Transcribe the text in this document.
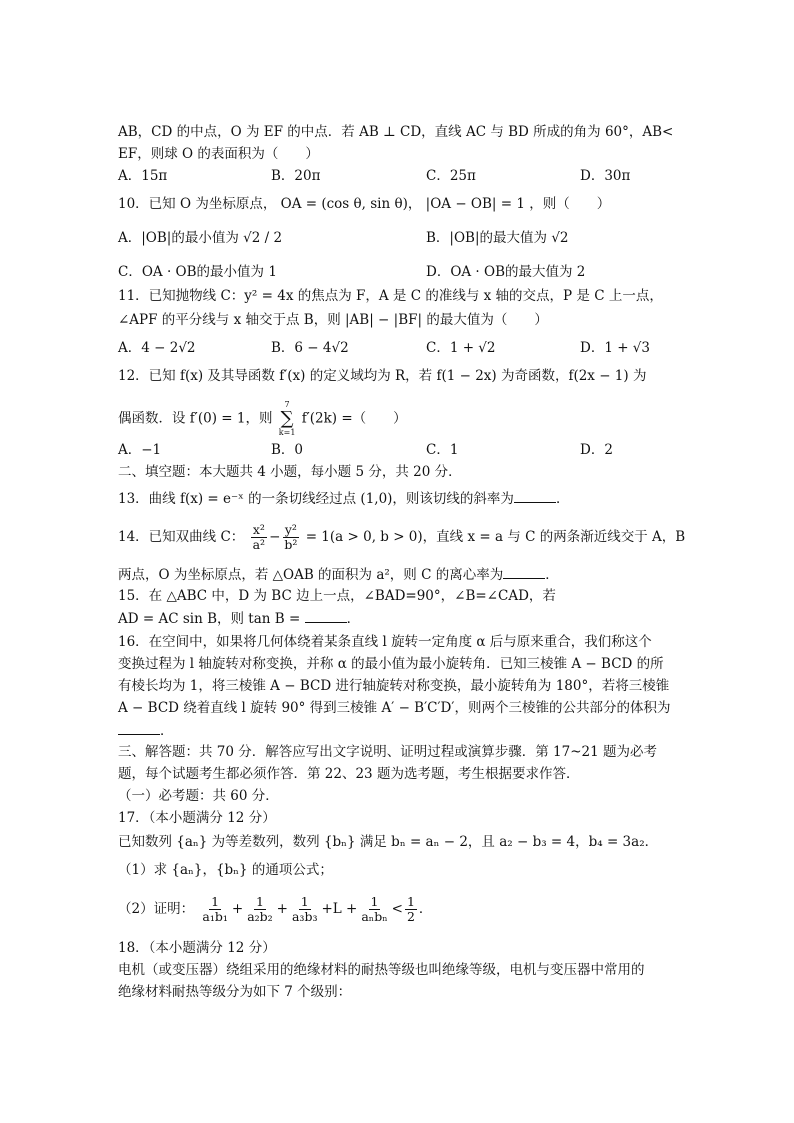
AB，CD 的中点，O 为 EF 的中点．若 AB ⊥ CD，直线 AC 与 BD 所成的角为 60°，AB<
EF，则球 O 的表面积为（　　）
A．15π	B．20π	C．25π	D．30π
10．已知 O 为坐标原点， OA = (cos θ, sin θ)， |OA − OB| = 1 ，则（　　）
A．|OB|的最小值为 √2 / 2	B．|OB|的最大值为 √2
C．OA · OB的最小值为 1	D．OA · OB的最大值为 2
11．已知抛物线 C：y² = 4x 的焦点为 F，A 是 C 的准线与 x 轴的交点，P 是 C 上一点，
∠APF 的平分线与 x 轴交于点 B，则 |AB| − |BF| 的最大值为（　　）
A．4 − 2√2	B．6 − 4√2	C．1 + √2	D．1 + √3
12．已知 f(x) 及其导函数 f′(x) 的定义域均为 R，若 f(1 − 2x) 为奇函数，f(2x − 1) 为
偶函数．设 f′(0) = 1，则
7
∑
k=1
f′(2k) =（　　）
A．−1	B．0	C．1	D．2
二、填空题：本大题共 4 小题，每小题 5 分，共 20 分．
13．曲线 f(x) = e⁻ˣ 的一条切线经过点 (1,0)，则该切线的斜率为	．
14．已知双曲线 C： $\frac{\text{x²}}{\text{a²}} - \frac{\text{y²}}{\text{b²}} = 1(a > 0$, b > 0)，直线 x = a 与 C 的两条渐近线交于 A，B
两点，O 为坐标原点，若 △OAB 的面积为 a²，则 C 的离心率为	．
15．在 △ABC 中，D 为 BC 边上一点，∠BAD=90°，∠B=∠CAD，若
AD = AC sin B，则 tan B =	．
16．在空间中，如果将几何体绕着某条直线 l 旋转一定角度 α 后与原来重合，我们称这个
变换过程为 l 轴旋转对称变换，并称 α 的最小值为最小旋转角．已知三棱锥 A − BCD 的所
有棱长均为 1，将三棱锥 A − BCD 进行轴旋转对称变换，最小旋转角为 180°，若将三棱锥
A − BCD 绕着直线 l 旋转 90° 得到三棱锥 A′ − B′C′D′，则两个三棱锥的公共部分的体积为
．
三、解答题：共 70 分．解答应写出文字说明、证明过程或演算步骤．第 17~21 题为必考
题，每个试题考生都必须作答．第 22、23 题为选考题，考生根据要求作答．
（一）必考题：共 60 分．
17．（本小题满分 12 分）
已知数列 {aₙ} 为等差数列，数列 {bₙ} 满足 bₙ = aₙ − 2，且 a₂ − b₃ = 4，b₄ = 3a₂．
（1）求 {aₙ}，{bₙ} 的通项公式；
（2）证明： $\frac{1}{\text{a₁b₁}} + \frac{1}{\text{a₂b₂}} + \frac{1}{\text{a₃b₃}} +L + \frac{1}{\text{aₙbₙ}} < \frac{1}{2}$ ．
18．（本小题满分 12 分）
电机（或变压器）绕组采用的绝缘材料的耐热等级也叫绝缘等级，电机与变压器中常用的
绝缘材料耐热等级分为如下 7 个级别：
